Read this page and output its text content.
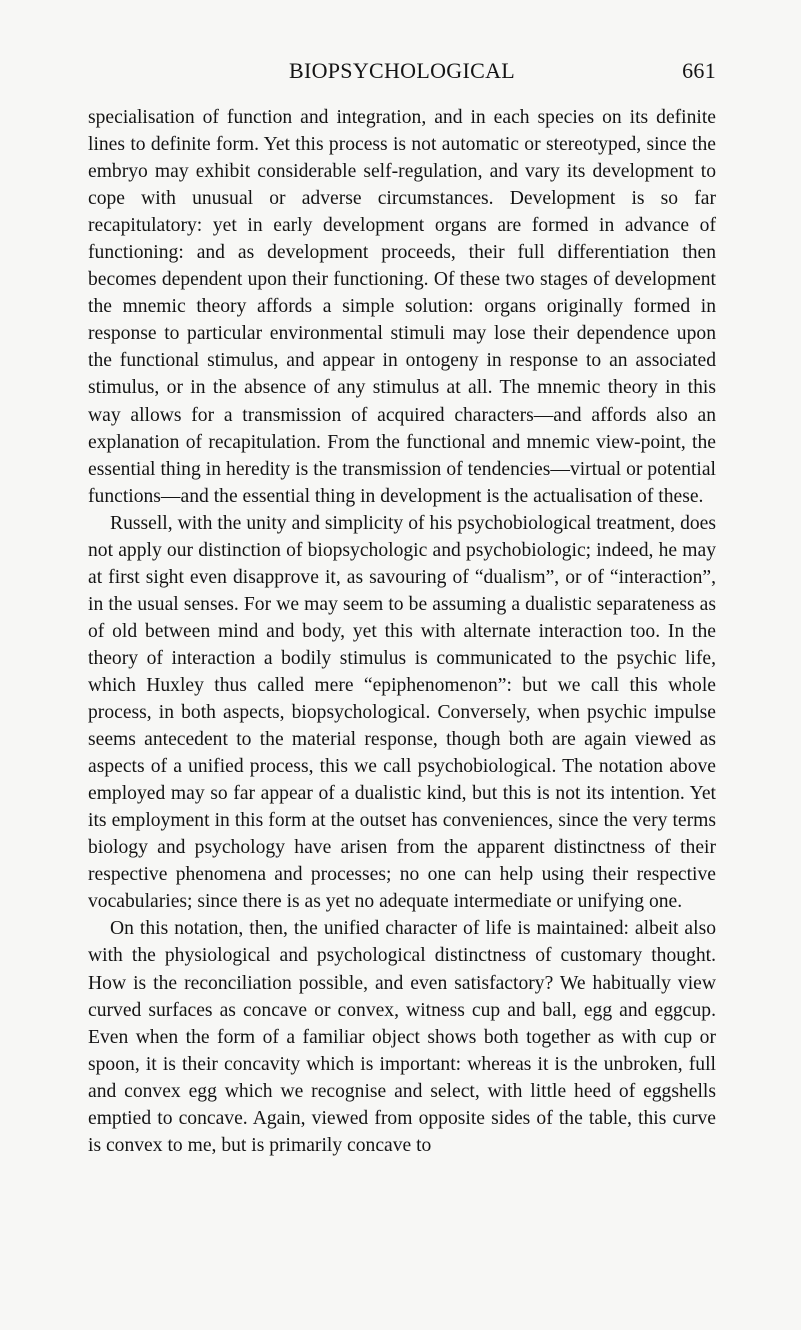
BIOPSYCHOLOGICAL	661

specialisation of function and integration, and in each species on its definite lines to definite form. Yet this process is not automatic or stereotyped, since the embryo may exhibit considerable self-regulation, and vary its development to cope with unusual or adverse circumstances. Development is so far recapitulatory: yet in early development organs are formed in advance of functioning: and as development proceeds, their full differentiation then becomes dependent upon their functioning. Of these two stages of development the mnemic theory affords a simple solution: organs originally formed in response to particular environmental stimuli may lose their dependence upon the functional stimulus, and appear in ontogeny in response to an associated stimulus, or in the absence of any stimulus at all. The mnemic theory in this way allows for a transmission of acquired characters—and affords also an explanation of recapitulation. From the functional and mnemic view-point, the essential thing in heredity is the transmission of tendencies—virtual or potential functions—and the essential thing in development is the actualisation of these.

Russell, with the unity and simplicity of his psychobiological treatment, does not apply our distinction of biopsychologic and psychobiologic; indeed, he may at first sight even disapprove it, as savouring of “dualism”, or of “interaction”, in the usual senses. For we may seem to be assuming a dualistic separateness as of old between mind and body, yet this with alternate interaction too. In the theory of interaction a bodily stimulus is communicated to the psychic life, which Huxley thus called mere “epiphenomenon”: but we call this whole process, in both aspects, biopsychological. Conversely, when psychic impulse seems antecedent to the material response, though both are again viewed as aspects of a unified process, this we call psychobiological. The notation above employed may so far appear of a dualistic kind, but this is not its intention. Yet its employment in this form at the outset has conveniences, since the very terms biology and psychology have arisen from the apparent distinctness of their respective phenomena and processes; no one can help using their respective vocabularies; since there is as yet no adequate intermediate or unifying one.

On this notation, then, the unified character of life is maintained: albeit also with the physiological and psychological distinctness of customary thought. How is the reconciliation possible, and even satisfactory? We habitually view curved surfaces as concave or convex, witness cup and ball, egg and eggcup. Even when the form of a familiar object shows both together as with cup or spoon, it is their concavity which is important: whereas it is the unbroken, full and convex egg which we recognise and select, with little heed of eggshells emptied to concave. Again, viewed from opposite sides of the table, this curve is convex to me, but is primarily concave to
